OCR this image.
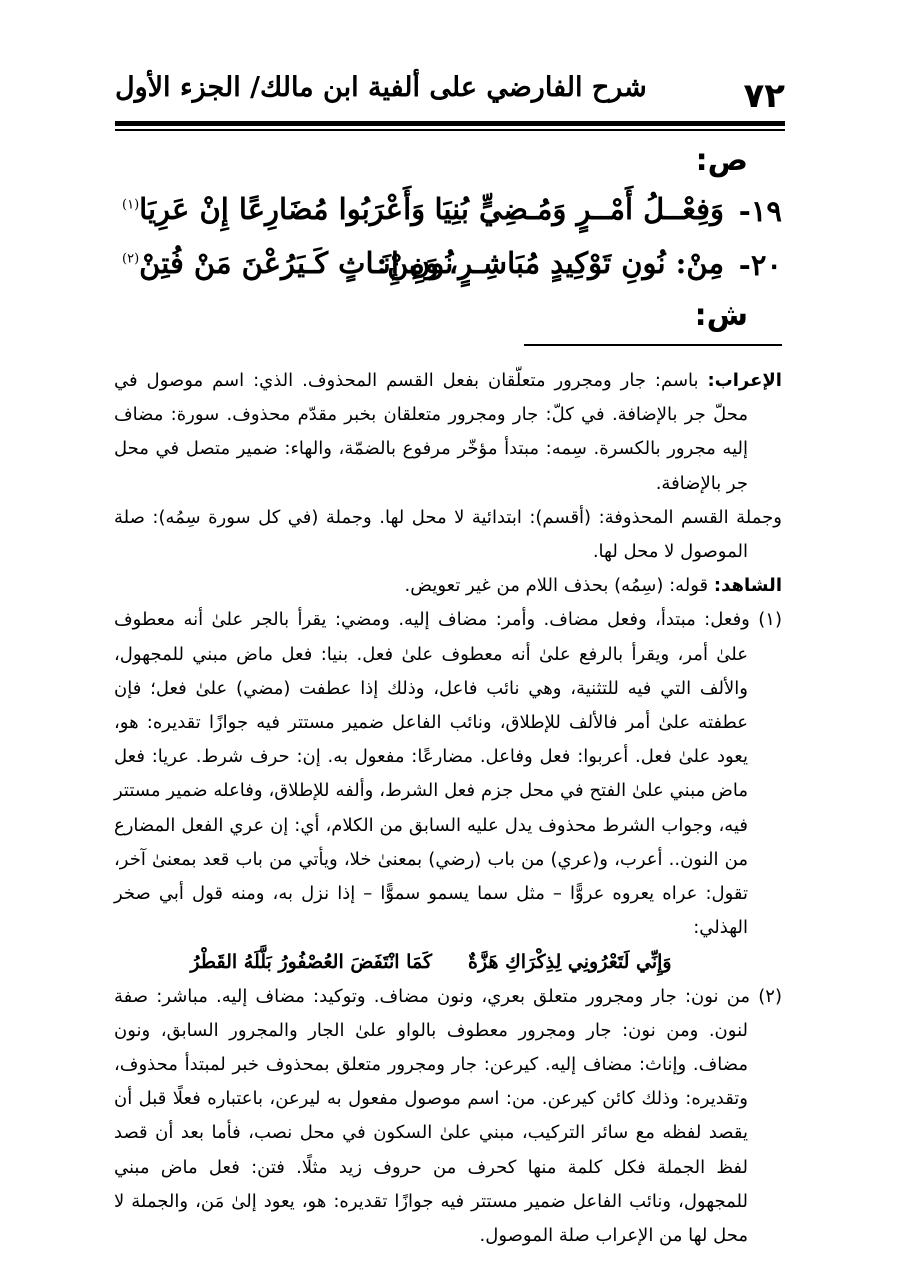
٧٢
شرح الفارضي على ألفية ابن مالك/ الجزء الأول
ص:
١٩-
وَفِعْــلُ أَمْــرٍ وَمُـضِيٍّ بُنِيَا
وَأَعْرَبُوا مُضَارِعًا إِنْ عَرِيَا$^{(١)}$
٢٠-
مِنْ: نُونِ تَوْكِيدٍ مُبَاشِـرٍ، وَمِنْ:
نُونِ إِنَـاثٍ كَـيَرُعْنَ مَنْ فُتِنْ$^{(٢)}$
ش:

الإعراب: باسم: جار ومجرور متعلّقان بفعل القسم المحذوف. الذي: اسم موصول في محلّ جر بالإضافة. في كلّ: جار ومجرور متعلقان بخبر مقدّم محذوف. سورة: مضاف إليه مجرور بالكسرة. سِمه: مبتدأ مؤخّر مرفوع بالضمّة، والهاء: ضمير متصل في محل جر بالإضافة.

وجملة القسم المحذوفة: (أقسم): ابتدائية لا محل لها. وجملة (في كل سورة سِمُه): صلة الموصول لا محل لها.

الشاهد: قوله: (سِمُه) بحذف اللام من غير تعويض.

(١) وفعل: مبتدأ، وفعل مضاف. وأمر: مضاف إليه. ومضي: يقرأ بالجر علىٰ أنه معطوف علىٰ أمر، ويقرأ بالرفع علىٰ أنه معطوف علىٰ فعل. بنيا: فعل ماض مبني للمجهول، والألف التي فيه للتثنية، وهي نائب فاعل، وذلك إذا عطفت (مضي) علىٰ فعل؛ فإن عطفته علىٰ أمر فالألف للإطلاق، ونائب الفاعل ضمير مستتر فيه جوازًا تقديره: هو، يعود علىٰ فعل. أعربوا: فعل وفاعل. مضارعًا: مفعول به. إن: حرف شرط. عريا: فعل ماض مبني علىٰ الفتح في محل جزم فعل الشرط، وألفه للإطلاق، وفاعله ضمير مستتر فيه، وجواب الشرط محذوف يدل عليه السابق من الكلام، أي: إن عري الفعل المضارع من النون.. أعرب، و(عري) من باب (رضي) بمعنىٰ خلا، ويأتي من باب قعد بمعنىٰ آخر، تقول: عراه يعروه عروًّا – مثل سما يسمو سموًّا – إذا نزل به، ومنه قول أبي صخر الهذلي:

وَإِنِّي لَتَعْرُونِي لِذِكْرَاكِ هَزَّةٌكَمَا انْتَفَضَ العُصْفُورُ بَلَّلَهُ القَطْرُ

(٢) من نون: جار ومجرور متعلق بعري، ونون مضاف. وتوكيد: مضاف إليه. مباشر: صفة لنون. ومن نون: جار ومجرور معطوف بالواو علىٰ الجار والمجرور السابق، ونون مضاف. وإناث: مضاف إليه. كيرعن: جار ومجرور متعلق بمحذوف خبر لمبتدأ محذوف، وتقديره: وذلك كائن كيرعن. من: اسم موصول مفعول به ليرعن، باعتباره فعلًا قبل أن يقصد لفظه مع سائر التركيب، مبني علىٰ السكون في محل نصب، فأما بعد أن قصد لفظ الجملة فكل كلمة منها كحرف من حروف زيد مثلًا. فتن: فعل ماض مبني للمجهول، ونائب الفاعل ضمير مستتر فيه جوازًا تقديره: هو، يعود إلىٰ مَن، والجملة لا محل لها من الإعراب صلة الموصول.
